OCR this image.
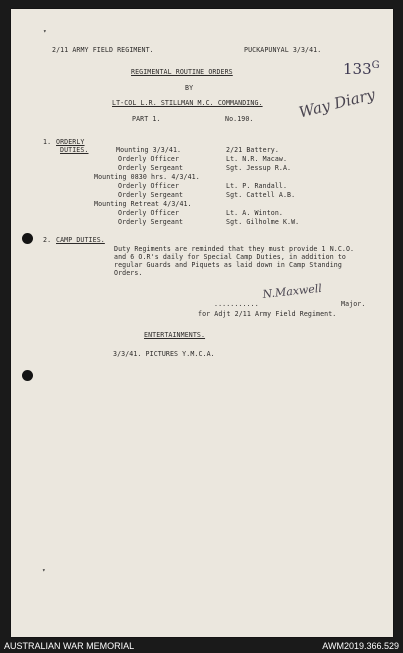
▾
▾
2/11 ARMY FIELD REGIMENT.	PUCKAPUNYAL 3/3/41.
$133^G$
REGIMENTAL ROUTINE ORDERS
BY
LT-COL L.R. STILLMAN M.C. COMMANDING.
PART 1.	No.190.	Way Diary
1. ORDERLY
DUTIES.	Mounting 3/3/41.	2/21 Battery.
Orderly Officer	Lt. N.R. Macaw.
Orderly Sergeant	Sgt. Jessup R.A.
Mounting 0830 hrs. 4/3/41.
Orderly Officer	Lt. P. Randall.
Orderly Sergeant	Sgt. Cattell A.B.
Mounting Retreat 4/3/41.
Orderly Officer	Lt. A. Winton.
Orderly Sergeant	Sgt. Gilholme K.W.
2. CAMP DUTIES.
Duty Regiments are reminded that they must provide 1 N.C.O.
and 6 O.R's daily for Special Camp Duties, in addition to
regular Guards and Piquets as laid down in Camp Standing
Orders.
N.Maxwell
...........	Major.
for Adjt 2/11 Army Field Regiment.
ENTERTAINMENTS.
3/3/41. PICTURES Y.M.C.A.
AUSTRALIAN WAR MEMORIAL	AWM2019.366.529
